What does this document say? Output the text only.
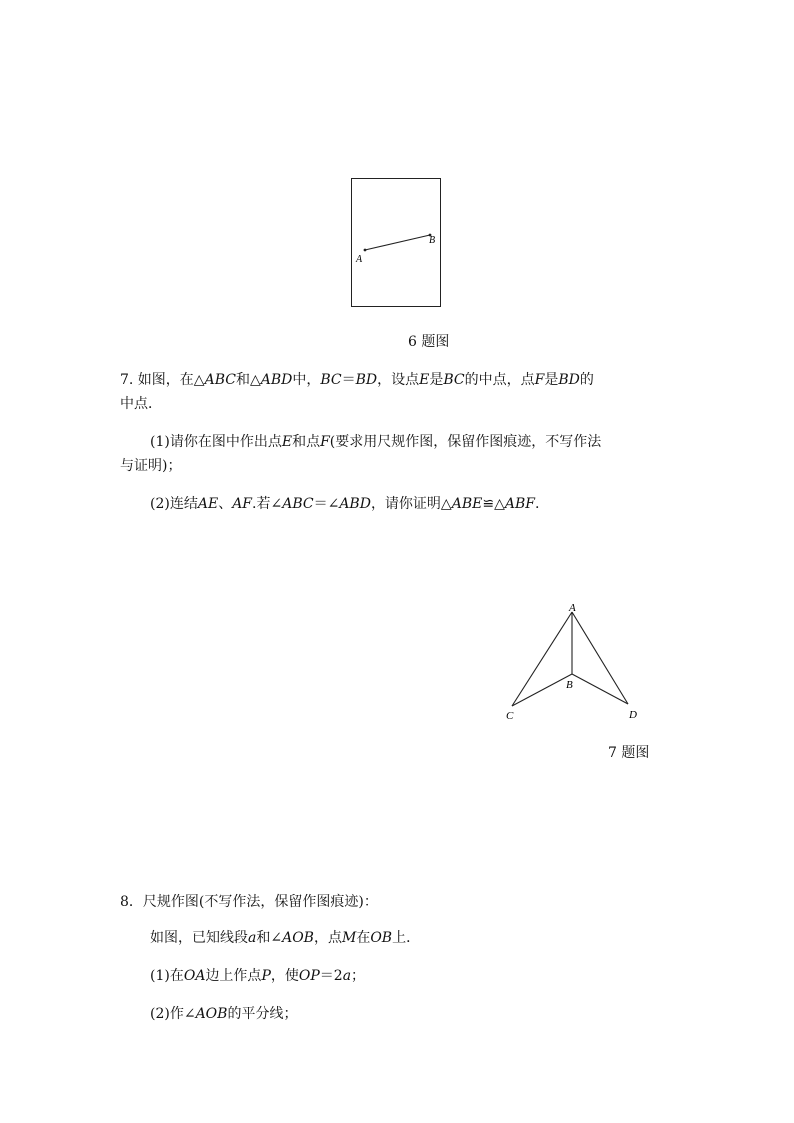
A
B
6 题图
7. 如图，在△ABC和△ABD中，BC＝BD，设点E是BC的中点，点F是BD的
中点．
(1)请你在图中作出点E和点F(要求用尺规作图，保留作图痕迹，不写作法
与证明)；
(2)连结AE、AF.若∠ABC＝∠ABD，请你证明△ABE≌△ABF.
A
B
C	D
7 题图
8．尺规作图(不写作法，保留作图痕迹)：
如图，已知线段a和∠AOB，点M在OB上．
(1)在OA边上作点P，使OP＝2a；
(2)作∠AOB的平分线；
